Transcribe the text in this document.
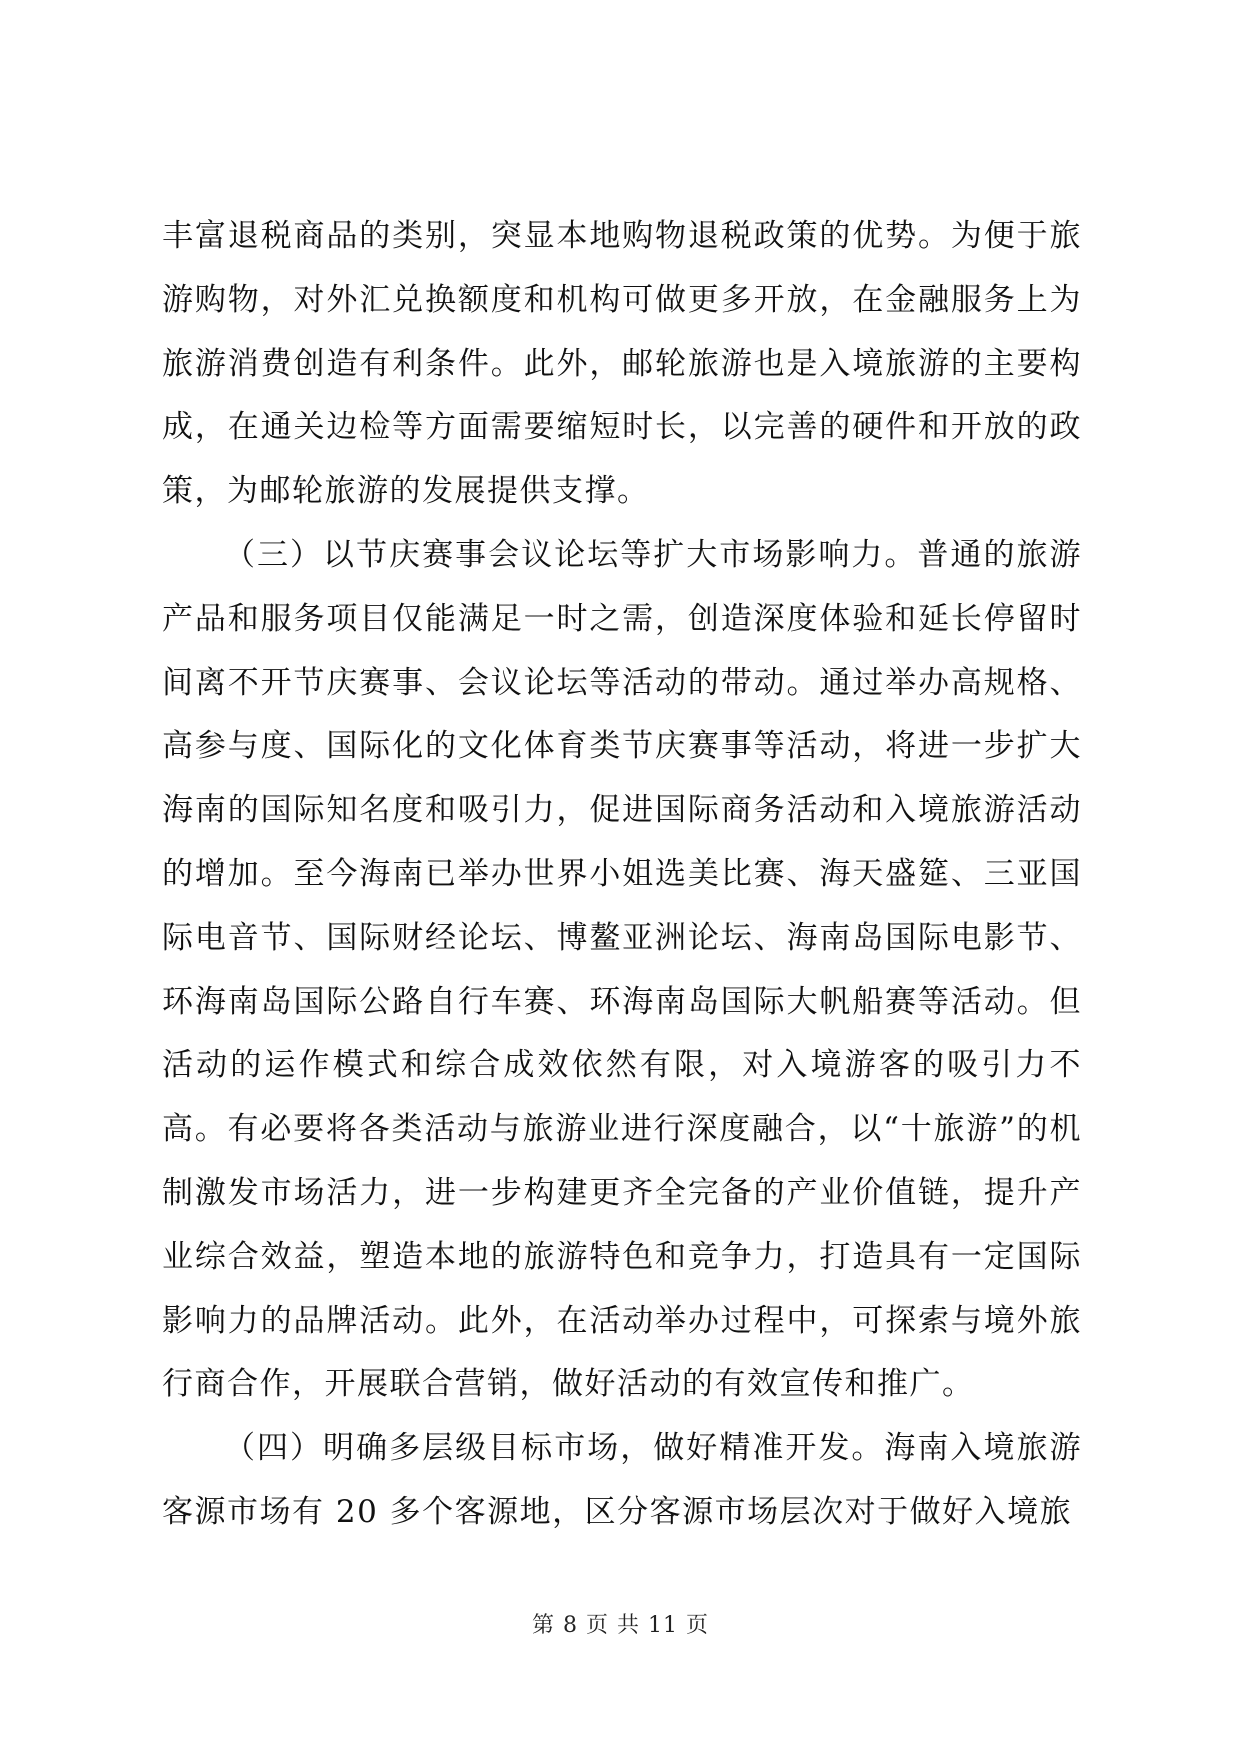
丰富退税商品的类别，突显本地购物退税政策的优势。为便于旅游购物，对外汇兑换额度和机构可做更多开放，在金融服务上为旅游消费创造有利条件。此外，邮轮旅游也是入境旅游的主要构成，在通关边检等方面需要缩短时长，以完善的硬件和开放的政策，为邮轮旅游的发展提供支撑。

（三）以节庆赛事会议论坛等扩大市场影响力。普通的旅游产品和服务项目仅能满足一时之需，创造深度体验和延长停留时间离不开节庆赛事、会议论坛等活动的带动。通过举办高规格、高参与度、国际化的文化体育类节庆赛事等活动，将进一步扩大海南的国际知名度和吸引力，促进国际商务活动和入境旅游活动的增加。至今海南已举办世界小姐选美比赛、海天盛筵、三亚国际电音节、国际财经论坛、博鳌亚洲论坛、海南岛国际电影节、环海南岛国际公路自行车赛、环海南岛国际大帆船赛等活动。但活动的运作模式和综合成效依然有限，对入境游客的吸引力不高。有必要将各类活动与旅游业进行深度融合，以“十旅游”的机制激发市场活力，进一步构建更齐全完备的产业价值链，提升产业综合效益，塑造本地的旅游特色和竞争力，打造具有一定国际影响力的品牌活动。此外，在活动举办过程中，可探索与境外旅行商合作，开展联合营销，做好活动的有效宣传和推广。

（四）明确多层级目标市场，做好精准开发。海南入境旅游客源市场有 20 多个客源地，区分客源市场层次对于做好入境旅

第 8 页 共 11 页
